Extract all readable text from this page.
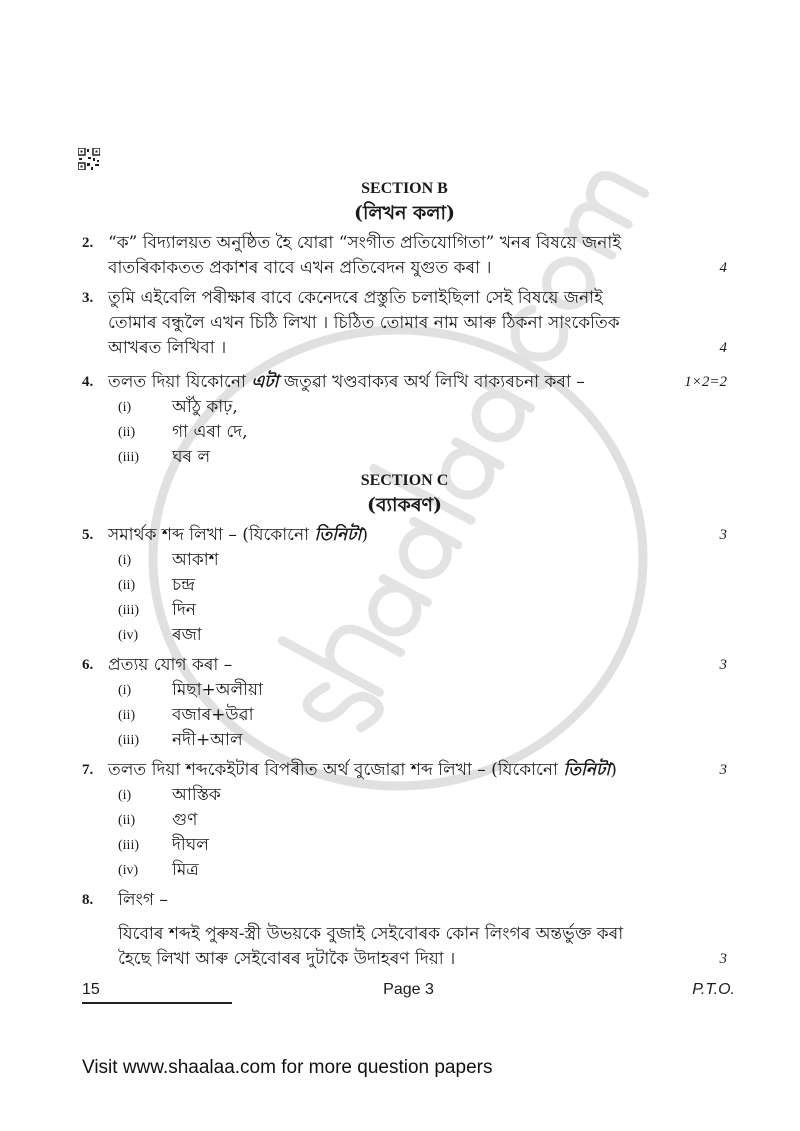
SECTION B
(লিখন কলা)
2. “ক” বিদ্যালয়ত অনুষ্ঠিত হৈ যোৱা “সংগীত প্ৰতিযোগিতা” খনৰ বিষয়ে জনাই
বাতৰিকাকতত প্ৰকাশৰ বাবে এখন প্ৰতিবেদন যুগুত কৰা ।	4
3. তুমি এইবেলি পৰীক্ষাৰ বাবে কেনেদৰে প্ৰস্তুতি চলাইছিলা সেই বিষয়ে জনাই
তোমাৰ বন্ধুলৈ এখন চিঠি লিখা । চিঠিত তোমাৰ নাম আৰু ঠিকনা সাংকেতিক
আখৰত লিখিবা ।	4
4. তলত দিয়া যিকোনো এটা জতুৱা খণ্ডবাক্যৰ অৰ্থ লিখি বাক্যৰচনা কৰা –	1×2=2
(i)	আঁঠু কাঢ়,
(ii)	গা এৰা দে,
(iii)	ঘৰ ল
SECTION C
(ব্যাকৰণ)
5. সমাৰ্থক শব্দ লিখা – (যিকোনো তিনিটা)	3
(i)	আকাশ
(ii)	চন্দ্ৰ
(iii)	দিন
(iv)	ৰজা
6. প্ৰত্যয় যোগ কৰা –	3
(i)	মিছা+অলীয়া
(ii)	বজাৰ+উৱা
(iii)	নদী+আল
7. তলত দিয়া শব্দকেইটাৰ বিপৰীত অৰ্থ বুজোৱা শব্দ লিখা – (যিকোনো তিনিটা)	3
(i)	আস্তিক
(ii)	গুণ
(iii)	দীঘল
(iv)	মিত্ৰ
8.	লিংগ –
যিবোৰ শব্দই পুৰুষ-স্ত্ৰী উভয়কে বুজাই সেইবোৰক কোন লিংগৰ অন্তৰ্ভুক্ত কৰা
হৈছে লিখা আৰু সেইবোৰৰ দুটাকৈ উদাহৰণ দিয়া ।	3
15	Page 3	P.T.O.
Visit www.shaalaa.com for more question papers
